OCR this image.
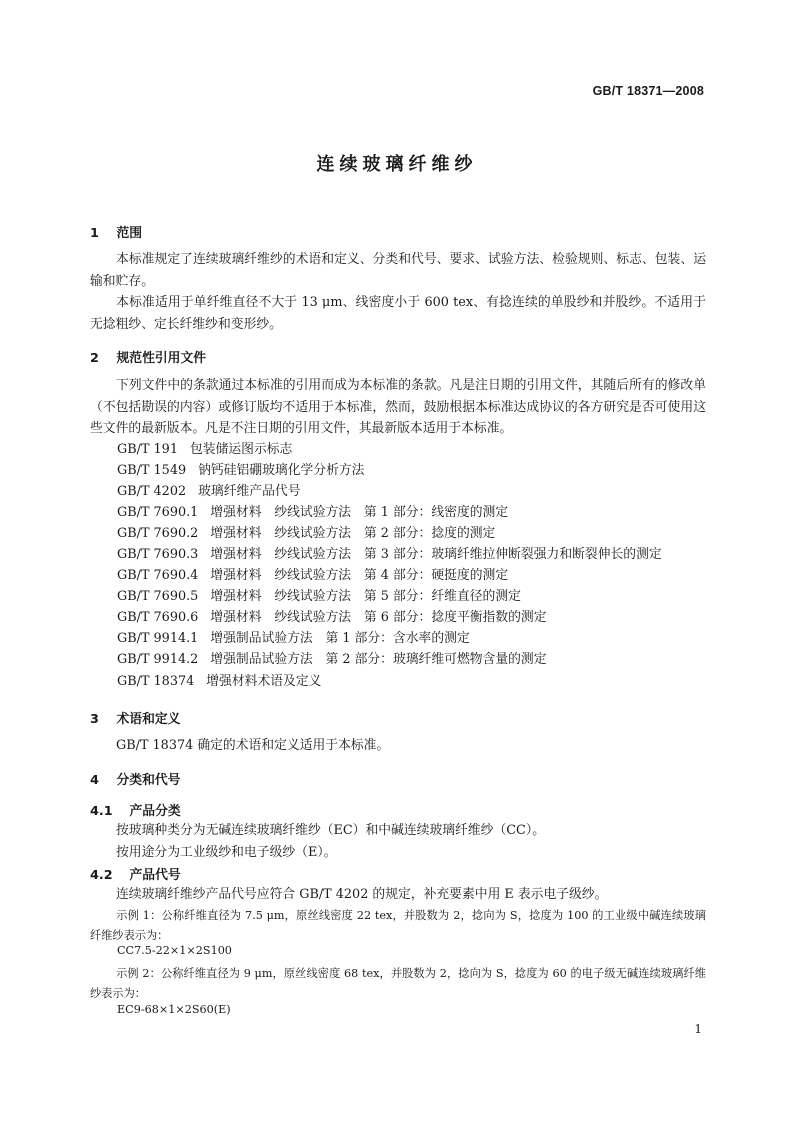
GB/T 18371—2008
连续玻璃纤维纱
1 范围

本标准规定了连续玻璃纤维纱的术语和定义、分类和代号、要求、试验方法、检验规则、标志、包装、运输和贮存。

本标准适用于单纤维直径不大于 13 μm、线密度小于 600 tex、有捻连续的单股纱和并股纱。不适用于无捻粗纱、定长纤维纱和变形纱。

2 规范性引用文件

下列文件中的条款通过本标准的引用而成为本标准的条款。凡是注日期的引用文件，其随后所有的修改单（不包括勘误的内容）或修订版均不适用于本标准，然而，鼓励根据本标准达成协议的各方研究是否可使用这些文件的最新版本。凡是不注日期的引用文件，其最新版本适用于本标准。

GB/T 191 包装储运图示标志
GB/T 1549 钠钙硅铝硼玻璃化学分析方法
GB/T 4202 玻璃纤维产品代号
GB/T 7690.1 增强材料　纱线试验方法　第 1 部分：线密度的测定
GB/T 7690.2 增强材料　纱线试验方法　第 2 部分：捻度的测定
GB/T 7690.3 增强材料　纱线试验方法　第 3 部分：玻璃纤维拉伸断裂强力和断裂伸长的测定
GB/T 7690.4 增强材料　纱线试验方法　第 4 部分：硬挺度的测定
GB/T 7690.5 增强材料　纱线试验方法　第 5 部分：纤维直径的测定
GB/T 7690.6 增强材料　纱线试验方法　第 6 部分：捻度平衡指数的测定
GB/T 9914.1 增强制品试验方法　第 1 部分：含水率的测定
GB/T 9914.2 增强制品试验方法　第 2 部分：玻璃纤维可燃物含量的测定
GB/T 18374 增强材料术语及定义
3 术语和定义

GB/T 18374 确定的术语和定义适用于本标准。

4 分类和代号
4.1 产品分类

按玻璃种类分为无碱连续玻璃纤维纱（EC）和中碱连续玻璃纤维纱（CC）。

按用途分为工业级纱和电子级纱（E）。

4.2 产品代号

连续玻璃纤维纱产品代号应符合 GB/T 4202 的规定，补充要素中用 E 表示电子级纱。

示例 1：公称纤维直径为 7.5 μm，原丝线密度 22 tex，并股数为 2，捻向为 S，捻度为 100 的工业级中碱连续玻璃纤维纱表示为：

CC7.5-22×1×2S100

示例 2：公称纤维直径为 9 μm，原丝线密度 68 tex，并股数为 2，捻向为 S，捻度为 60 的电子级无碱连续玻璃纤维纱表示为：

EC9-68×1×2S60(E)
1
